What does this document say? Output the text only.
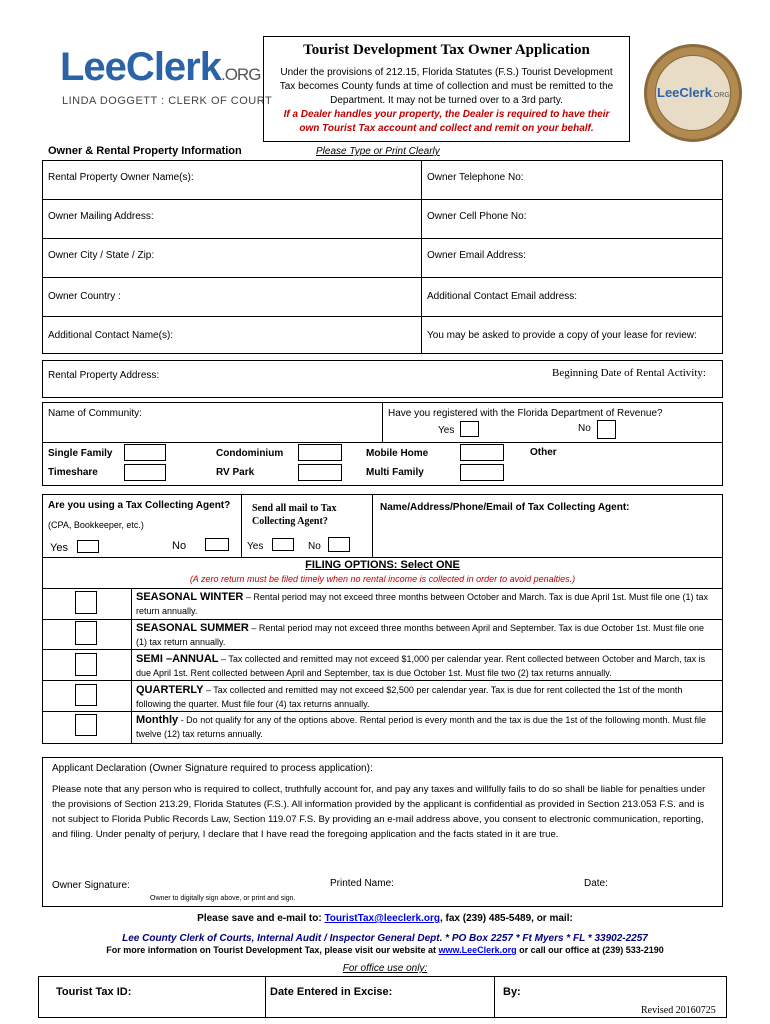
LeeClerk.ORG
LINDA DOGGETT : CLERK OF COURT
Tourist Development Tax Owner Application
Under the provisions of 212.15, Florida Statutes (F.S.) Tourist Development Tax becomes County funds at time of collection and must be remitted to the Department. It may not be turned over to a 3rd party.
If a Dealer handles your property, the Dealer is required to have their own Tourist Tax account and collect and remit on your behalf.
LeeClerk.ORG
Owner & Rental Property Information	Please Type or Print Clearly
Rental Property Owner Name(s):	Owner Telephone No:
Owner Mailing Address:	Owner Cell Phone No:
Owner City / State / Zip:	Owner Email Address:
Owner Country :	Additional Contact Email address:
Additional Contact Name(s):	You may be asked to provide a copy of your lease for review:
Rental Property Address:	Beginning Date of Rental Activity:
Name of Community:	Have you registered with the Florida Department of Revenue?
Yes	No
Single Family	Condominium	Mobile Home	Other
Timeshare	RV Park	Multi Family
Are you using a Tax Collecting Agent?
(CPA, Bookkeeper, etc.)
Yes	No
Send all mail to Tax Collecting Agent?
Yes	No
Name/Address/Phone/Email of Tax Collecting Agent:
FILING OPTIONS: Select ONE
(A zero return must be filed timely when no rental income is collected in order to avoid penalties.)
SEASONAL WINTER – Rental period may not exceed three months between October and March. Tax is due April 1st. Must file one (1) tax return annually.
SEASONAL SUMMER – Rental period may not exceed three months between April and September. Tax is due October 1st. Must file one (1) tax return annually.
SEMI –ANNUAL – Tax collected and remitted may not exceed $1,000 per calendar year. Rent collected between October and March, tax is due April 1st. Rent collected between April and September, tax is due October 1st. Must file two (2) tax returns annually.
QUARTERLY – Tax collected and remitted may not exceed $2,500 per calendar year. Tax is due for rent collected the 1st of the month following the quarter. Must file four (4) tax returns annually.
Monthly - Do not qualify for any of the options above. Rental period is every month and the tax is due the 1st of the following month. Must file twelve (12) tax returns annually.
Applicant Declaration (Owner Signature required to process application):
Please note that any person who is required to collect, truthfully account for, and pay any taxes and willfully fails to do so shall be liable for penalties under the provisions of Section 213.29, Florida Statutes (F.S.). All information provided by the applicant is confidential as provided in Section 213.053 F.S. and is not subject to Florida Public Records Law, Section 119.07 F.S. By providing an e-mail address above, you consent to electronic communication, reporting, and filing. Under penalty of perjury, I declare that I have read the foregoing application and the facts stated in it are true.
Owner Signature:	Printed Name:	Date:
Owner to digitally sign above, or print and sign.
Please save and e-mail to: TouristTax@leeclerk.org, fax (239) 485-5489, or mail:
Lee County Clerk of Courts, Internal Audit / Inspector General Dept. * PO Box 2257 * Ft Myers * FL * 33902-2257
For more information on Tourist Development Tax, please visit our website at www.LeeClerk.org or call our office at (239) 533-2190
For office use only:
Tourist Tax ID:	Date Entered in Excise:	By:
Revised 20160725
